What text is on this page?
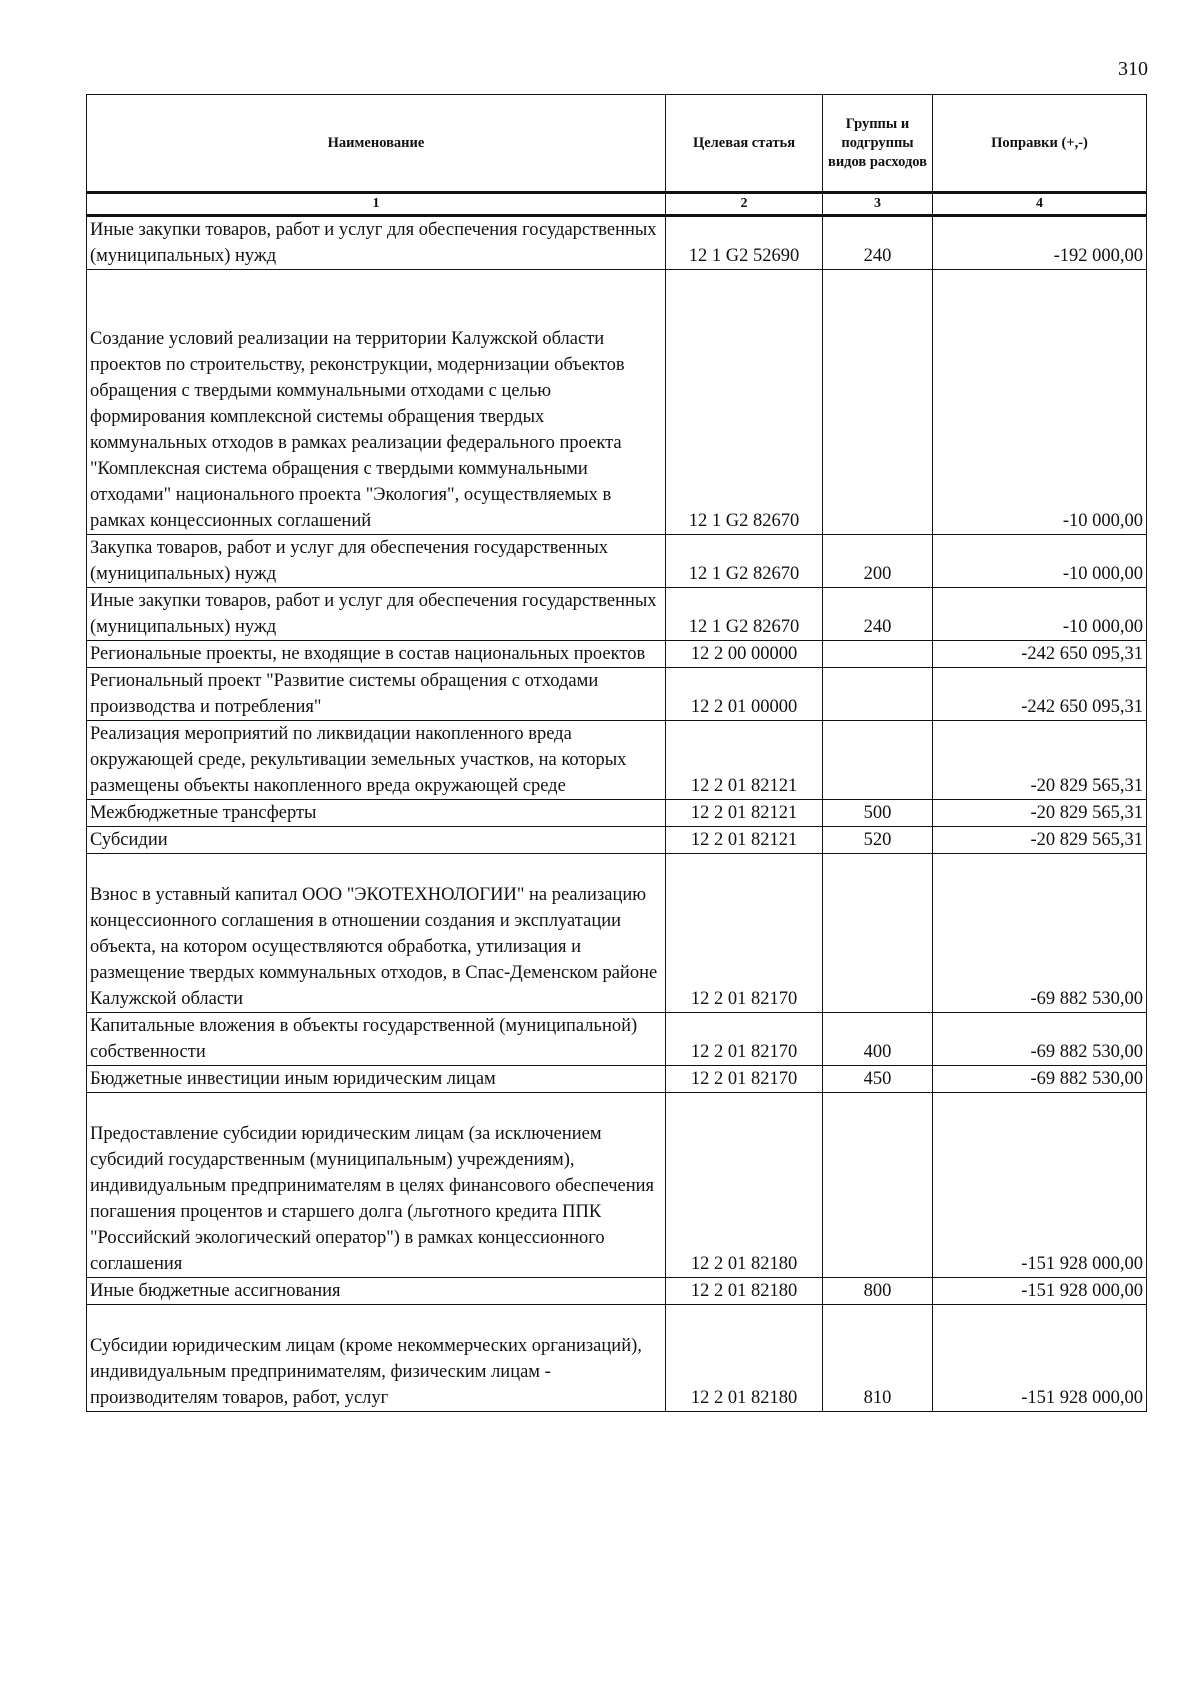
310
Наименование	Целевая статья	Группы и подгруппы видов расходов	Поправки (+,-)
1	2	3	4
Иные закупки товаров, работ и услуг для обеспечения государственных (муниципальных) нужд	12 1 G2 52690	240	-192 000,00
Создание условий реализации на территории Калужской области проектов по строительству, реконструкции, модернизации объектов обращения с твердыми коммунальными отходами с целью формирования комплексной системы обращения твердых коммунальных отходов в рамках реализации федерального проекта "Комплексная система обращения с твердыми коммунальными отходами" национального проекта "Экология", осуществляемых в рамках концессионных соглашений	12 1 G2 82670		-10 000,00
Закупка товаров, работ и услуг для обеспечения государственных (муниципальных) нужд	12 1 G2 82670	200	-10 000,00
Иные закупки товаров, работ и услуг для обеспечения государственных (муниципальных) нужд	12 1 G2 82670	240	-10 000,00
Региональные проекты, не входящие в состав национальных проектов	12 2 00 00000		-242 650 095,31
Региональный проект "Развитие системы обращения с отходами производства и потребления"	12 2 01 00000		-242 650 095,31
Реализация мероприятий по ликвидации накопленного вреда окружающей среде, рекультивации земельных участков, на которых размещены объекты накопленного вреда окружающей среде	12 2 01 82121		-20 829 565,31
Межбюджетные трансферты	12 2 01 82121	500	-20 829 565,31
Субсидии	12 2 01 82121	520	-20 829 565,31
Взнос в уставный капитал ООО "ЭКОТЕХНОЛОГИИ" на реализацию концессионного соглашения в отношении создания и эксплуатации объекта, на котором осуществляются обработка, утилизация и размещение твердых коммунальных отходов, в Спас-Деменском районе Калужской области	12 2 01 82170		-69 882 530,00
Капитальные вложения в объекты государственной (муниципальной) собственности	12 2 01 82170	400	-69 882 530,00
Бюджетные инвестиции иным юридическим лицам	12 2 01 82170	450	-69 882 530,00
Предоставление субсидии юридическим лицам (за исключением субсидий государственным (муниципальным) учреждениям), индивидуальным предпринимателям в целях финансового обеспечения погашения процентов и старшего долга (льготного кредита ППК "Российский экологический оператор") в рамках концессионного соглашения	12 2 01 82180		-151 928 000,00
Иные бюджетные ассигнования	12 2 01 82180	800	-151 928 000,00
Субсидии юридическим лицам (кроме некоммерческих организаций), индивидуальным предпринимателям, физическим лицам - производителям товаров, работ, услуг	12 2 01 82180	810	-151 928 000,00
